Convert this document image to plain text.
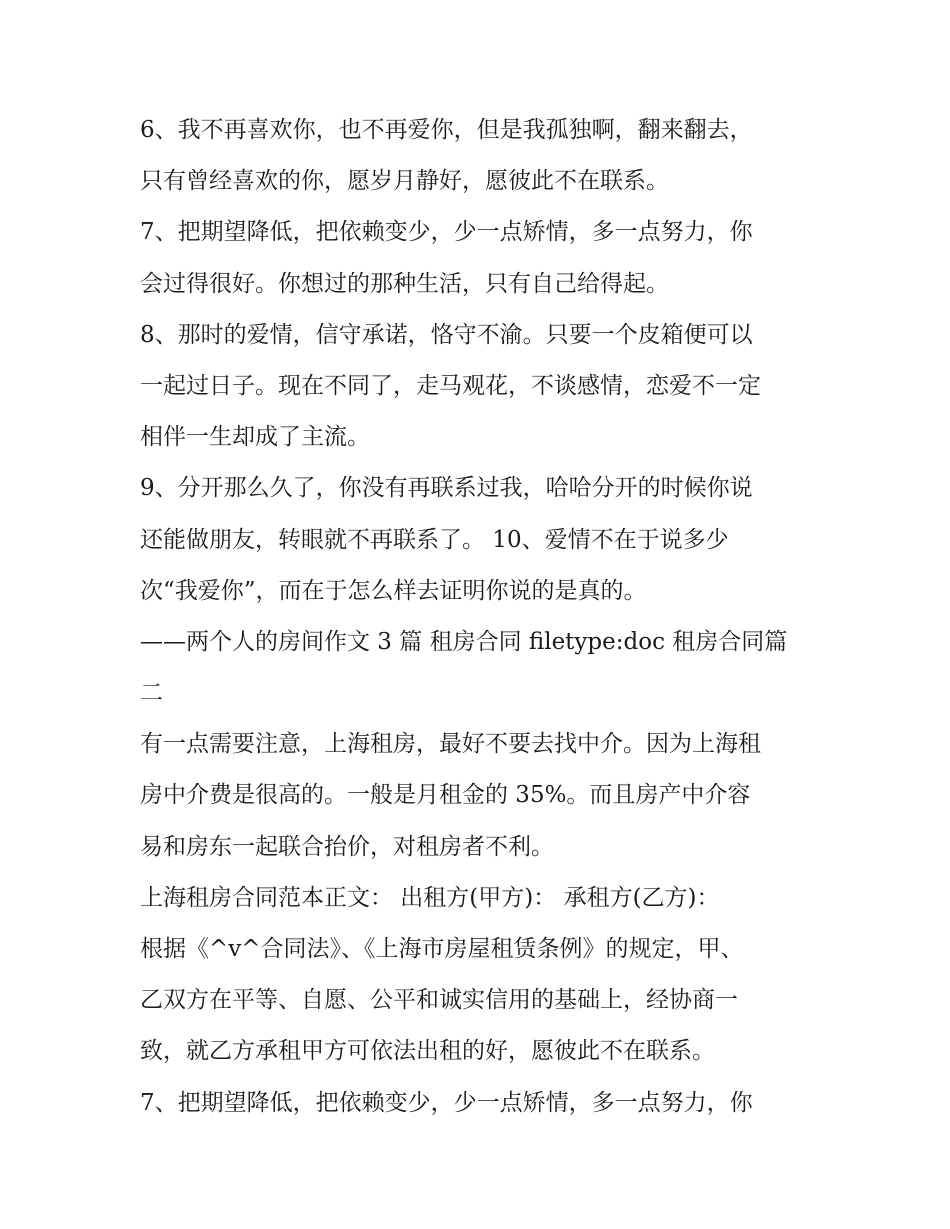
6、我不再喜欢你，也不再爱你，但是我孤独啊，翻来翻去，
只有曾经喜欢的你，愿岁月静好，愿彼此不在联系。
7、把期望降低，把依赖变少，少一点矫情，多一点努力，你
会过得很好。你想过的那种生活，只有自己给得起。
8、那时的爱情，信守承诺，恪守不渝。只要一个皮箱便可以
一起过日子。现在不同了，走马观花，不谈感情，恋爱不一定
相伴一生却成了主流。
9、分开那么久了，你没有再联系过我，哈哈分开的时候你说
还能做朋友，转眼就不再联系了。 10、爱情不在于说多少
次“我爱你”，而在于怎么样去证明你说的是真的。
——两个人的房间作文 3 篇 租房合同 filetype:doc 租房合同篇
二
有一点需要注意，上海租房，最好不要去找中介。因为上海租
房中介费是很高的。一般是月租金的 35%。而且房产中介容
易和房东一起联合抬价，对租房者不利。
上海租房合同范本正文： 出租方(甲方)： 承租方(乙方)：
根据《^v^合同法》、《上海市房屋租赁条例》的规定，甲、
乙双方在平等、自愿、公平和诚实信用的基础上，经协商一
致，就乙方承租甲方可依法出租的好，愿彼此不在联系。
7、把期望降低，把依赖变少，少一点矫情，多一点努力，你
